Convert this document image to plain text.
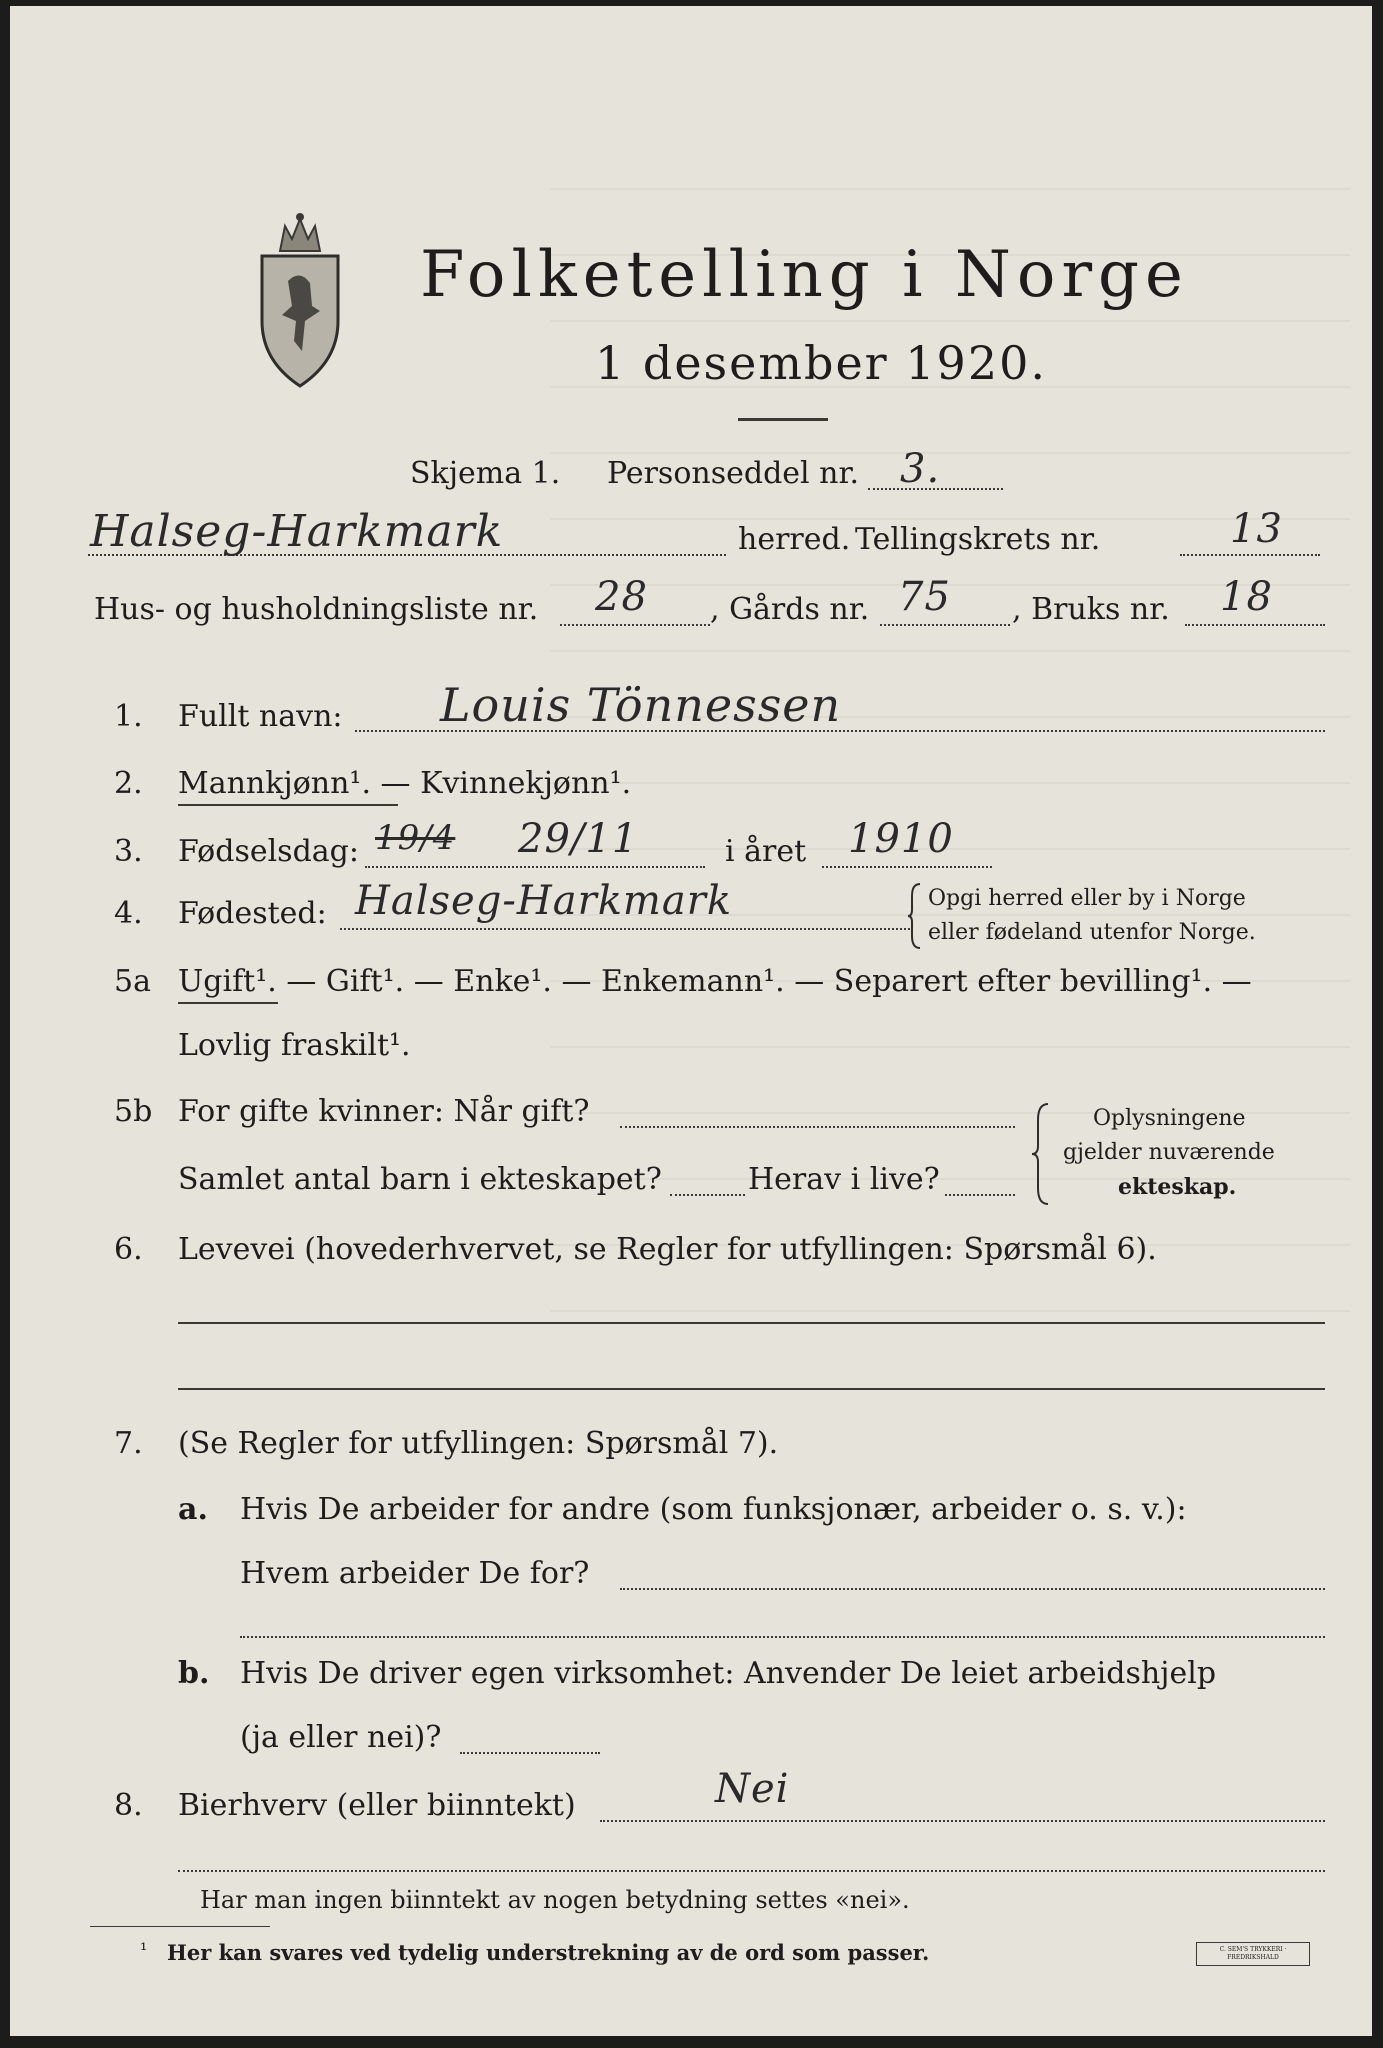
Folketelling i Norge
1 desember 1920.
Skjema 1. Personseddel nr. 3.
Halseg-Harkmark	herred. Tellingskrets nr.	13
Hus- og husholdningsliste nr. 28 , Gårds nr. 75 , Bruks nr. 18
1. Fullt navn: Louis Tönnessen
2. Mannkjønn¹. — Kvinnekjønn¹.
3. Fødselsdag: 19/4 29/11	i året 1910
4. Fødested: Halseg-Harkmark	Opgi herred eller by i Norge
eller fødeland utenfor Norge.
5a Ugift¹. — Gift¹. — Enke¹. — Enkemann¹. — Separert efter bevilling¹. —
Lovlig fraskilt¹.
5b For gifte kvinner: Når gift?
Samlet antal barn i ekteskapet?	Herav i live?
Oplysningene
gjelder nuværende
ekteskap.
6. Levevei (hovederhvervet, se Regler for utfyllingen: Spørsmål 6).
7. (Se Regler for utfyllingen: Spørsmål 7).
a. Hvis De arbeider for andre (som funksjonær, arbeider o. s. v.):
Hvem arbeider De for?
b. Hvis De driver egen virksomhet: Anvender De leiet arbeidshjelp
(ja eller nei)?
8. Bierhverv (eller biinntekt)	Nei
Har man ingen biinntekt av nogen betydning settes «nei».
¹ Her kan svares ved tydelig understrekning av de ord som passer.	C. SEM'S TRYKKERI · FREDRIKSHALD
